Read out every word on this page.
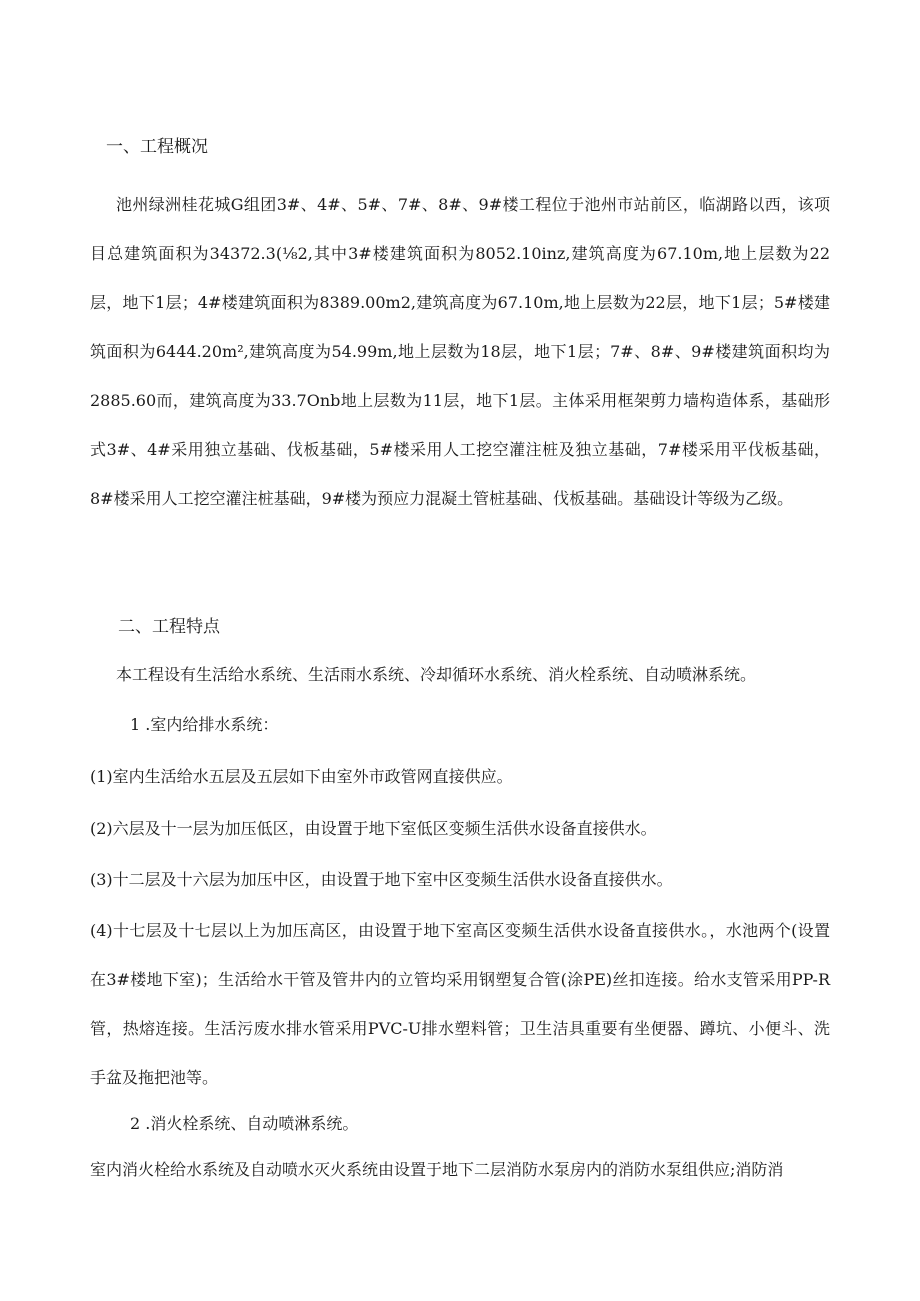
一、工程概况

池州绿洲桂花城G组团3#、4#、5#、7#、8#、9#楼工程位于池州市站前区，临湖路以西，该项目总建筑面积为34372.3(⅛2,其中3#楼建筑面积为8052.10inz,建筑高度为67.10m,地上层数为22层，地下1层；4#楼建筑面积为8389.00m2,建筑高度为67.10m,地上层数为22层，地下1层；5#楼建筑面积为6444.20m²,建筑高度为54.99m,地上层数为18层，地下1层；7#、8#、9#楼建筑面积均为2885.60而，建筑高度为33.7Onb地上层数为11层，地下1层。主体采用框架剪力墙构造体系，基础形式3#、4#采用独立基础、伐板基础，5#楼采用人工挖空灌注桩及独立基础，7#楼采用平伐板基础，8#楼采用人工挖空灌注桩基础，9#楼为预应力混凝土管桩基础、伐板基础。基础设计等级为乙级。

二、工程特点
本工程设有生活给水系统、生活雨水系统、冷却循环水系统、消火栓系统、自动喷淋系统。
1 .室内给排水系统：
(1)室内生活给水五层及五层如下由室外市政管网直接供应。
(2)六层及十一层为加压低区，由设置于地下室低区变频生活供水设备直接供水。
(3)十二层及十六层为加压中区，由设置于地下室中区变频生活供水设备直接供水。

(4)十七层及十七层以上为加压高区，由设置于地下室高区变频生活供水设备直接供水。，水池两个(设置在3#楼地下室)；生活给水干管及管井内的立管均采用钢塑复合管(涂PE)丝扣连接。给水支管采用PP-R管，热熔连接。生活污废水排水管采用PVC-U排水塑料管；卫生洁具重要有坐便器、蹲坑、小便斗、洗手盆及拖把池等。

2 .消火栓系统、自动喷淋系统。
室内消火栓给水系统及自动喷水灭火系统由设置于地下二层消防水泵房内的消防水泵组供应;消防消
